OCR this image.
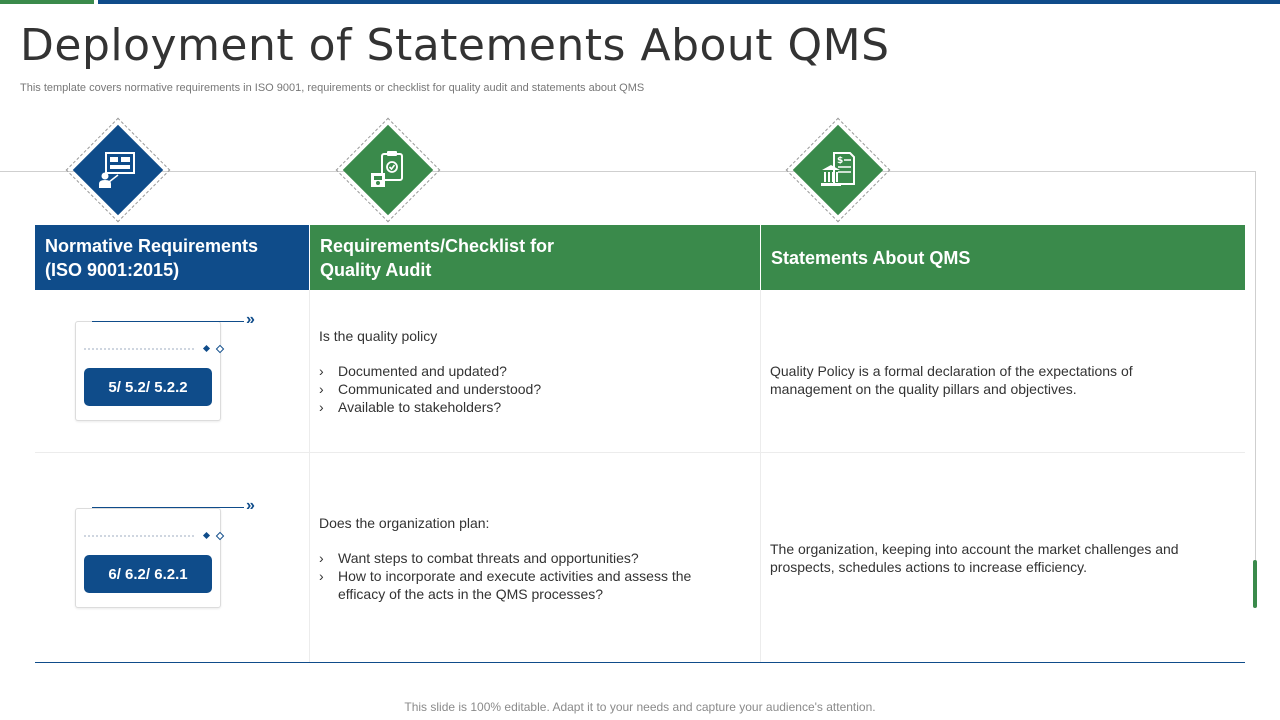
Deployment of Statements About QMS
This template covers normative requirements in ISO 9001, requirements or checklist for quality audit and statements about QMS
$
Normative Requirements
(ISO 9001:2015)
Requirements/Checklist for
Quality Audit
Statements About QMS
5/ 5.2/ 5.2.2
»
Is the quality policy
› Documented and updated?
› Communicated and understood?
› Available to stakeholders?
Quality Policy is a formal declaration of the expectations of management on the quality pillars and objectives.
6/ 6.2/ 6.2.1
»
Does the organization plan:
› Want steps to combat threats and opportunities?
› How to incorporate and execute activities and assess the efficacy of the acts in the QMS processes?
The organization, keeping into account the market challenges and prospects, schedules actions to increase efficiency.
This slide is 100% editable. Adapt it to your needs and capture your audience's attention.
